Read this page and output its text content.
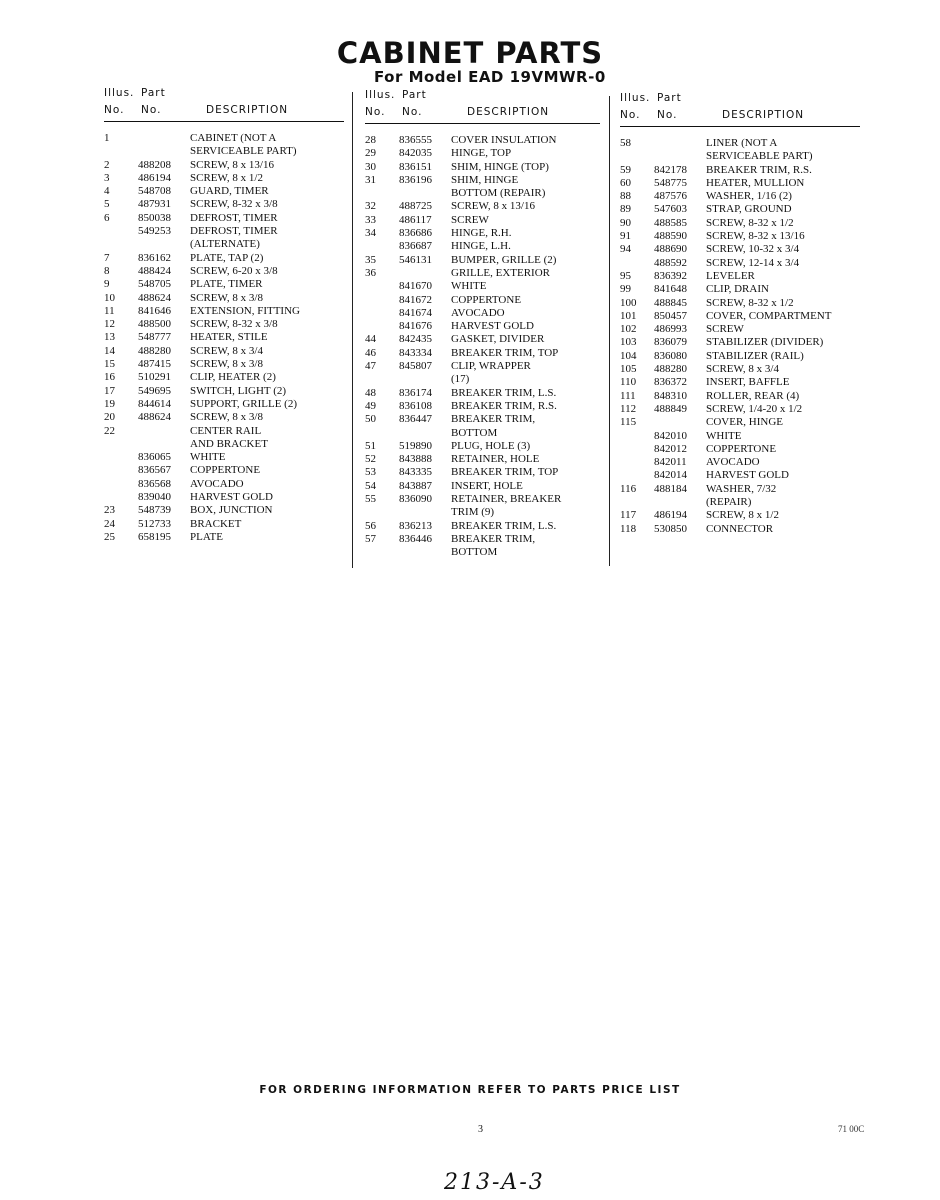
CABINET PARTS
For Model EAD 19VMWR-0
Illus. Part
No. No.	DESCRIPTION
1	CABINET (NOT A
SERVICEABLE PART)
2	488208	SCREW, 8 x 13/16
3	486194	SCREW, 8 x 1/2
4	548708	GUARD, TIMER
5	487931	SCREW, 8-32 x 3/8
6	850038	DEFROST, TIMER
549253	DEFROST, TIMER
(ALTERNATE)
7	836162	PLATE, TAP (2)
8	488424	SCREW, 6-20 x 3/8
9	548705	PLATE, TIMER
10	488624	SCREW, 8 x 3/8
11	841646	EXTENSION, FITTING
12	488500	SCREW, 8-32 x 3/8
13	548777	HEATER, STILE
14	488280	SCREW, 8 x 3/4
15	487415	SCREW, 8 x 3/8
16	510291	CLIP, HEATER (2)
17	549695	SWITCH, LIGHT (2)
19	844614	SUPPORT, GRILLE (2)
20	488624	SCREW, 8 x 3/8
22	CENTER RAIL
AND BRACKET
836065	WHITE
836567	COPPERTONE
836568	AVOCADO
839040	HARVEST GOLD
23	548739	BOX, JUNCTION
24	512733	BRACKET
25	658195	PLATE
Illus. Part
No. No.	DESCRIPTION
28	836555	COVER INSULATION
29	842035	HINGE, TOP
30	836151	SHIM, HINGE (TOP)
31	836196	SHIM, HINGE
BOTTOM (REPAIR)
32	488725	SCREW, 8 x 13/16
33	486117	SCREW
34	836686	HINGE, R.H.
836687	HINGE, L.H.
35	546131	BUMPER, GRILLE (2)
36	GRILLE, EXTERIOR
841670	WHITE
841672	COPPERTONE
841674	AVOCADO
841676	HARVEST GOLD
44	842435	GASKET, DIVIDER
46	843334	BREAKER TRIM, TOP
47	845807	CLIP, WRAPPER
(17)
48	836174	BREAKER TRIM, L.S.
49	836108	BREAKER TRIM, R.S.
50	836447	BREAKER TRIM,
BOTTOM
51	519890	PLUG, HOLE (3)
52	843888	RETAINER, HOLE
53	843335	BREAKER TRIM, TOP
54	843887	INSERT, HOLE
55	836090	RETAINER, BREAKER
TRIM (9)
56	836213	BREAKER TRIM, L.S.
57	836446	BREAKER TRIM,
BOTTOM
Illus. Part
No. No.	DESCRIPTION
58	LINER (NOT A
SERVICEABLE PART)
59	842178	BREAKER TRIM, R.S.
60	548775	HEATER, MULLION
88	487576	WASHER, 1/16 (2)
89	547603	STRAP, GROUND
90	488585	SCREW, 8-32 x 1/2
91	488590	SCREW, 8-32 x 13/16
94	488690	SCREW, 10-32 x 3/4
488592	SCREW, 12-14 x 3/4
95	836392	LEVELER
99	841648	CLIP, DRAIN
100	488845	SCREW, 8-32 x 1/2
101	850457	COVER, COMPARTMENT
102	486993	SCREW
103	836079	STABILIZER (DIVIDER)
104	836080	STABILIZER (RAIL)
105	488280	SCREW, 8 x 3/4
110	836372	INSERT, BAFFLE
111	848310	ROLLER, REAR (4)
112	488849	SCREW, 1/4-20 x 1/2
115	COVER, HINGE
842010	WHITE
842012	COPPERTONE
842011	AVOCADO
842014	HARVEST GOLD
116	488184	WASHER, 7/32
(REPAIR)
117	486194	SCREW, 8 x 1/2
118	530850	CONNECTOR
FOR ORDERING INFORMATION REFER TO PARTS PRICE LIST
3	71 00C
213-A-3
